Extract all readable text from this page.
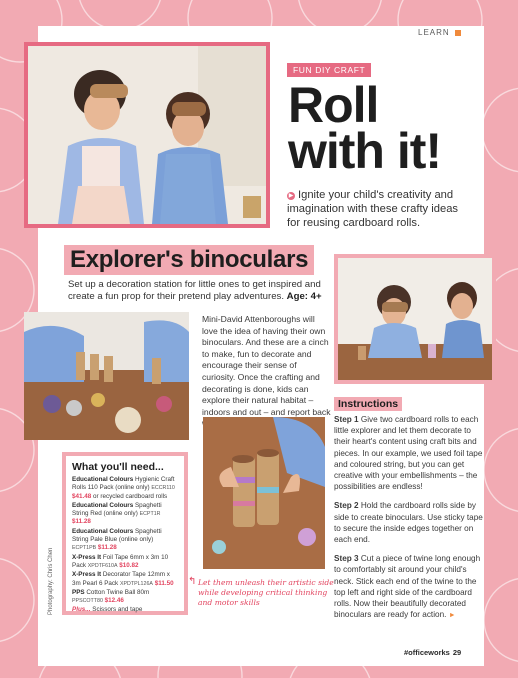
LEARN
FUN DIY CRAFT
Roll
with it!
▶ Ignite your child's creativity and imagination with these crafty ideas for reusing cardboard rolls.
Explorer's binoculars
Set up a decoration station for little ones to get inspired and create a fun prop for their pretend play adventures. Age: 4+
Mini-David Attenboroughs will love the idea of having their own binoculars. And these are a cinch to make, fun to decorate and encourage their sense of curiosity. Once the crafting and decorating is done, kids can explore their natural habitat – indoors and out – and report back
Instructions

Step 1 Give two cardboard rolls to each little explorer and let them decorate to their heart's content using craft bits and pieces. In our example, we used foil tape and coloured string, but you can get creative with your embellishments – the possibilities are endless!

Step 2 Hold the cardboard rolls side by side to create binoculars. Use sticky tape to secure the inside edges together on each end.

Step 3 Cut a piece of twine long enough to comfortably sit around your child's neck. Stick each end of the twine to the top left and right side of the cardboard rolls. Now their beautifully decorated binoculars are ready for action. ►

What you'll need...
Educational Colours Hygienic Craft Rolls 110 Pack (online only) ECCR110 $41.48 or recycled cardboard rolls
Educational Colours Spaghetti String Red (online only) ECPT1R $11.28
Educational Colours Spaghetti String Pale Blue (online only) ECPT1PB $11.28
X-Press It Foil Tape 6mm x 3m 10 Pack XPDTF610A $10.82
X-Press It Decorator Tape 12mm x 3m Pearl 6 Pack XPDTPL126A $11.50
PPS Cotton Twine Ball 80m PPSCOTT80 $12.46
Plus... Scissors and tape
Photography: Chris Chen	↰ Let them unleash their artistic side while developing critical thinking and motor skills
#officeworks 29
